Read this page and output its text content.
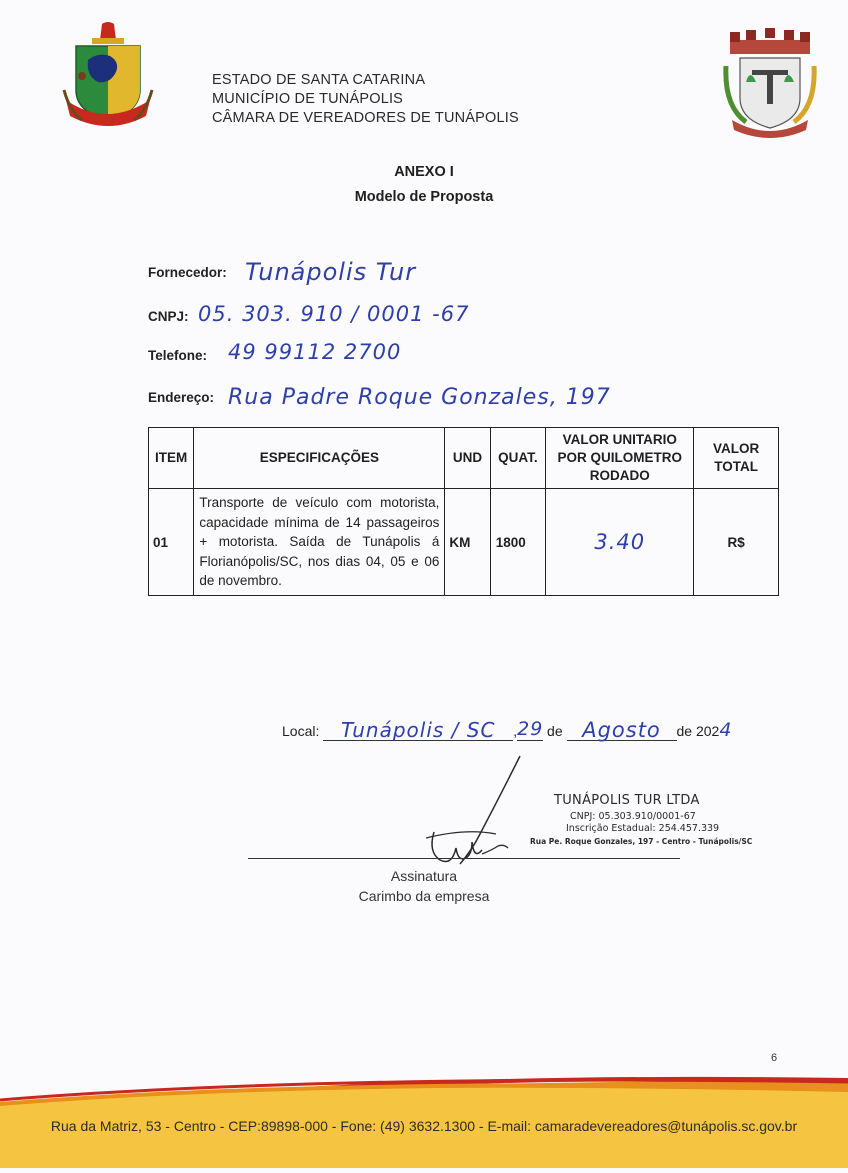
ESTADO DE SANTA CATARINA
MUNICÍPIO DE TUNÁPOLIS
CÂMARA DE VEREADORES DE TUNÁPOLIS
ANEXO I
Modelo de Proposta
Fornecedor: Tunápolis Tur
CNPJ: 05. 303. 910 / 0001 -67
Telefone: 49 99112 2700
Endereço: Rua Padre Roque Gonzales, 197
ITEM	ESPECIFICAÇÕES	UND	QUAT.	VALOR UNITARIO POR QUILOMETRO RODADO	VALOR TOTAL
01	Transporte de veículo com motorista, capacidade mínima de 14 passageiros + motorista. Saída de Tunápolis á Florianópolis/SC, nos dias 04, 05 e 06 de novembro.	KM	1800	3.40	R$
Local: Tunápolis / SC ,29 de Agosto de 2024
TUNÁPOLIS TUR LTDA
CNPJ: 05.303.910/0001-67
Inscrição Estadual: 254.457.339
Rua Pe. Roque Gonzales, 197 - Centro - Tunápolis/SC
Assinatura
Carimbo da empresa
6
Rua da Matriz, 53 - Centro - CEP:89898-000 - Fone: (49) 3632.1300 - E-mail: camaradevereadores@tunápolis.sc.gov.br
